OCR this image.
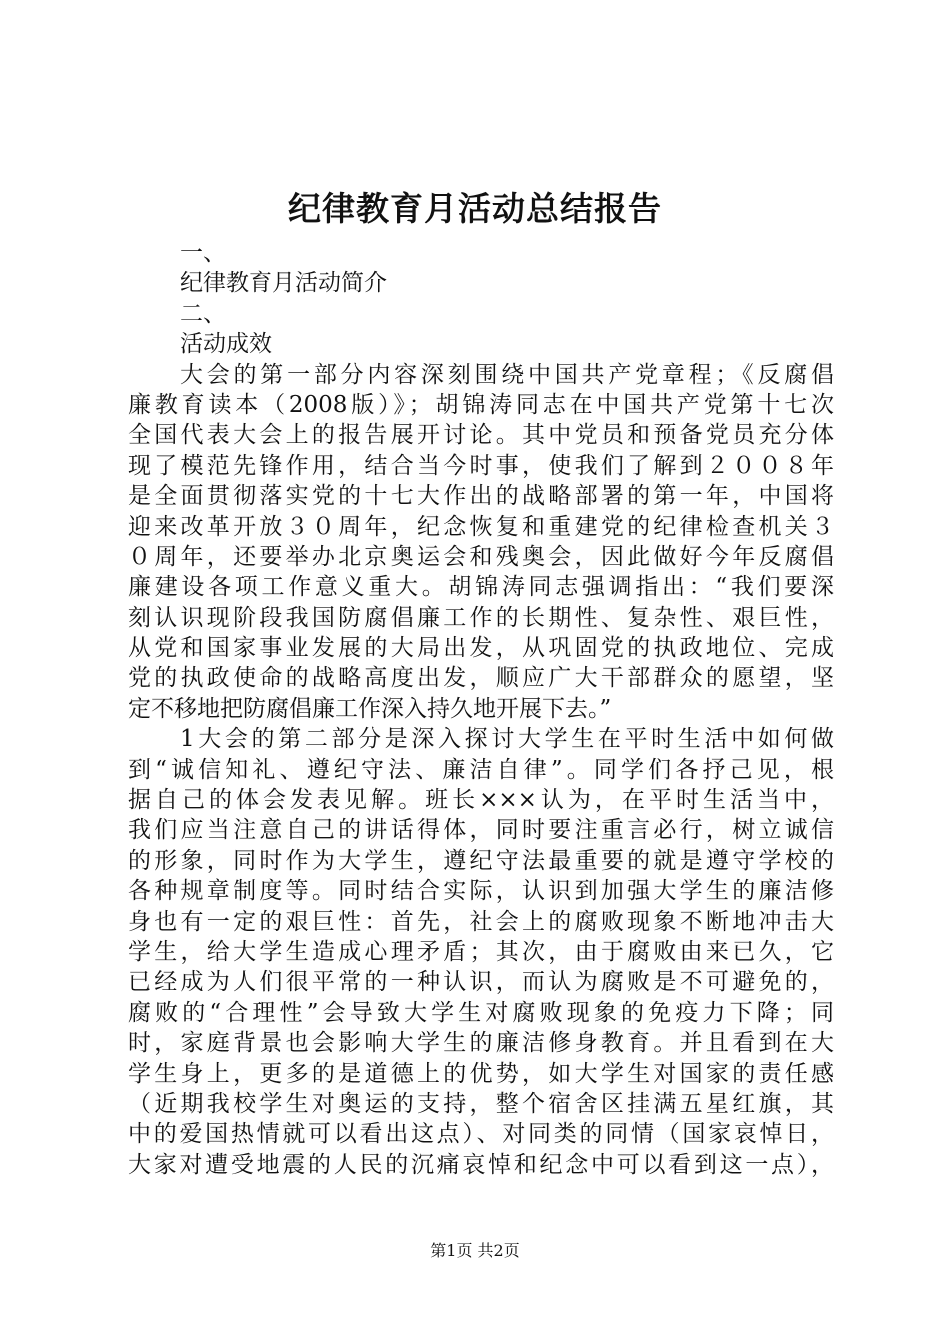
纪律教育月活动总结报告
一、
纪律教育月活动简介
二、
活动成效
大会的第一部分内容深刻围绕中国共产党章程；《反腐倡
廉教育读本（2008版）》；胡锦涛同志在中国共产党第十七次
全国代表大会上的报告展开讨论。其中党员和预备党员充分体
现了模范先锋作用，结合当今时事，使我们了解到２００８年
是全面贯彻落实党的十七大作出的战略部署的第一年，中国将
迎来改革开放３０周年，纪念恢复和重建党的纪律检查机关３
０周年，还要举办北京奥运会和残奥会，因此做好今年反腐倡
廉建设各项工作意义重大。胡锦涛同志强调指出：“我们要深
刻认识现阶段我国防腐倡廉工作的长期性、复杂性、艰巨性，
从党和国家事业发展的大局出发，从巩固党的执政地位、完成
党的执政使命的战略高度出发，顺应广大干部群众的愿望，坚
定不移地把防腐倡廉工作深入持久地开展下去。”
1大会的第二部分是深入探讨大学生在平时生活中如何做
到“诚信知礼、遵纪守法、廉洁自律”。同学们各抒己见，根
据自己的体会发表见解。班长×××认为，在平时生活当中，
我们应当注意自己的讲话得体，同时要注重言必行，树立诚信
的形象，同时作为大学生，遵纪守法最重要的就是遵守学校的
各种规章制度等。同时结合实际，认识到加强大学生的廉洁修
身也有一定的艰巨性：首先，社会上的腐败现象不断地冲击大
学生，给大学生造成心理矛盾；其次，由于腐败由来已久，它
已经成为人们很平常的一种认识，而认为腐败是不可避免的，
腐败的“合理性”会导致大学生对腐败现象的免疫力下降；同
时，家庭背景也会影响大学生的廉洁修身教育。并且看到在大
学生身上，更多的是道德上的优势，如大学生对国家的责任感
（近期我校学生对奥运的支持，整个宿舍区挂满五星红旗，其
中的爱国热情就可以看出这点）、对同类的同情（国家哀悼日，
大家对遭受地震的人民的沉痛哀悼和纪念中可以看到这一点），
第1页 共2页
